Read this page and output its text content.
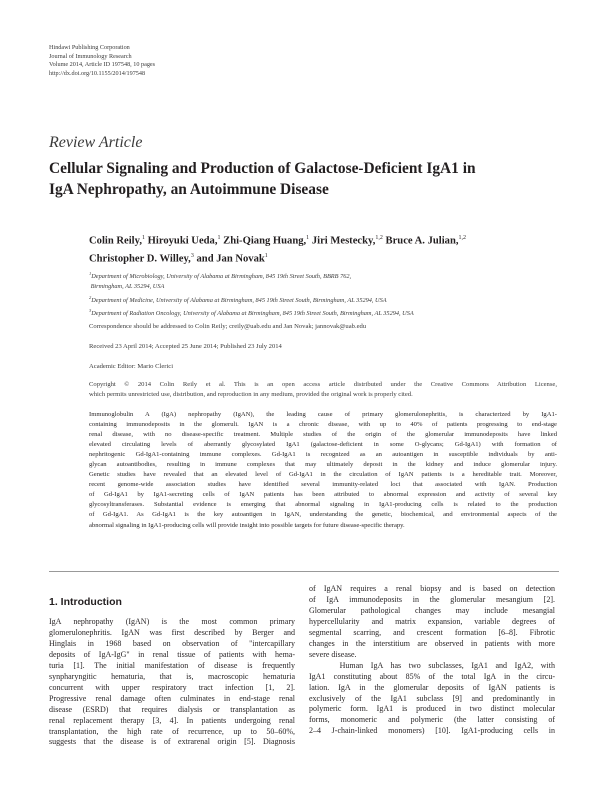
Hindawi Publishing Corporation
Journal of Immunology Research
Volume 2014, Article ID 197548, 10 pages
http://dx.doi.org/10.1155/2014/197548
Review Article
Cellular Signaling and Production of Galactose-Deficient IgA1 in
IgA Nephropathy, an Autoimmune Disease
Colin Reily,$^1$ Hiroyuki Ueda,$^1$ Zhi-Qiang Huang,$^1$ Jiri Mestecky,$^{1,2}$ Bruce A. Julian,$^{1,2}$
Christopher D. Willey,$^3$ and Jan Novak$^1$
$^1$Department of Microbiology, University of Alabama at Birmingham, 845 19th Street South, BBRB 762,
Birmingham, AL 35294, USA
$^2$Department of Medicine, University of Alabama at Birmingham, 845 19th Street South, Birmingham, AL 35294, USA
$^3$Department of Radiation Oncology, University of Alabama at Birmingham, 845 19th Street South, Birmingham, AL 35294, USA
Correspondence should be addressed to Colin Reily; creily@uab.edu and Jan Novak; jannovak@uab.edu
Received 23 April 2014; Accepted 25 June 2014; Published 23 July 2014
Academic Editor: Mario Clerici
Copyright © 2014 Colin Reily et al. This is an open access article distributed under the Creative Commons Attribution License,
which permits unrestricted use, distribution, and reproduction in any medium, provided the original work is properly cited.
Immunoglobulin A (IgA) nephropathy (IgAN), the leading cause of primary glomerulonephritis, is characterized by IgA1-
containing immunodeposits in the glomeruli. IgAN is a chronic disease, with up to 40% of patients progressing to end-stage
renal disease, with no disease-specific treatment. Multiple studies of the origin of the glomerular immunodeposits have linked
elevated circulating levels of aberrantly glycosylated IgA1 (galactose-deficient in some O-glycans; Gd-IgA1) with formation of
nephritogenic Gd-IgA1-containing immune complexes. Gd-IgA1 is recognized as an autoantigen in susceptible individuals by anti-
glycan autoantibodies, resulting in immune complexes that may ultimately deposit in the kidney and induce glomerular injury.
Genetic studies have revealed that an elevated level of Gd-IgA1 in the circulation of IgAN patients is a hereditable trait. Moreover,
recent genome-wide association studies have identified several immunity-related loci that associated with IgAN. Production
of Gd-IgA1 by IgA1-secreting cells of IgAN patients has been attributed to abnormal expression and activity of several key
glycosyltransferases. Substantial evidence is emerging that abnormal signaling in IgA1-producing cells is related to the production
of Gd-IgA1. As Gd-IgA1 is the key autoantigen in IgAN, understanding the genetic, biochemical, and environmental aspects of the
abnormal signaling in IgA1-producing cells will provide insight into possible targets for future disease-specific therapy.
1. Introduction
IgA nephropathy (IgAN) is the most common primary
glomerulonephritis. IgAN was first described by Berger and
Hinglais in 1968 based on observation of "intercapillary
deposits of IgA-IgG" in renal tissue of patients with hema-
turia [1]. The initial manifestation of disease is frequently
synpharyngitic hematuria, that is, macroscopic hematuria
concurrent with upper respiratory tract infection [1, 2].
Progressive renal damage often culminates in end-stage renal
disease (ESRD) that requires dialysis or transplantation as
renal replacement therapy [3, 4]. In patients undergoing renal
transplantation, the high rate of recurrence, up to 50–60%,
suggests that the disease is of extrarenal origin [5]. Diagnosis
of IgAN requires a renal biopsy and is based on detection
of IgA immunodeposits in the glomerular mesangium [2].
Glomerular pathological changes may include mesangial
hypercellularity and matrix expansion, variable degrees of
segmental scarring, and crescent formation [6–8]. Fibrotic
changes in the interstitium are observed in patients with more
severe disease.
Human IgA has two subclasses, IgA1 and IgA2, with
IgA1 constituting about 85% of the total IgA in the circu-
lation. IgA in the glomerular deposits of IgAN patients is
exclusively of the IgA1 subclass [9] and predominantly in
polymeric form. IgA1 is produced in two distinct molecular
forms, monomeric and polymeric (the latter consisting of
2–4 J-chain-linked monomers) [10]. IgA1-producing cells in
